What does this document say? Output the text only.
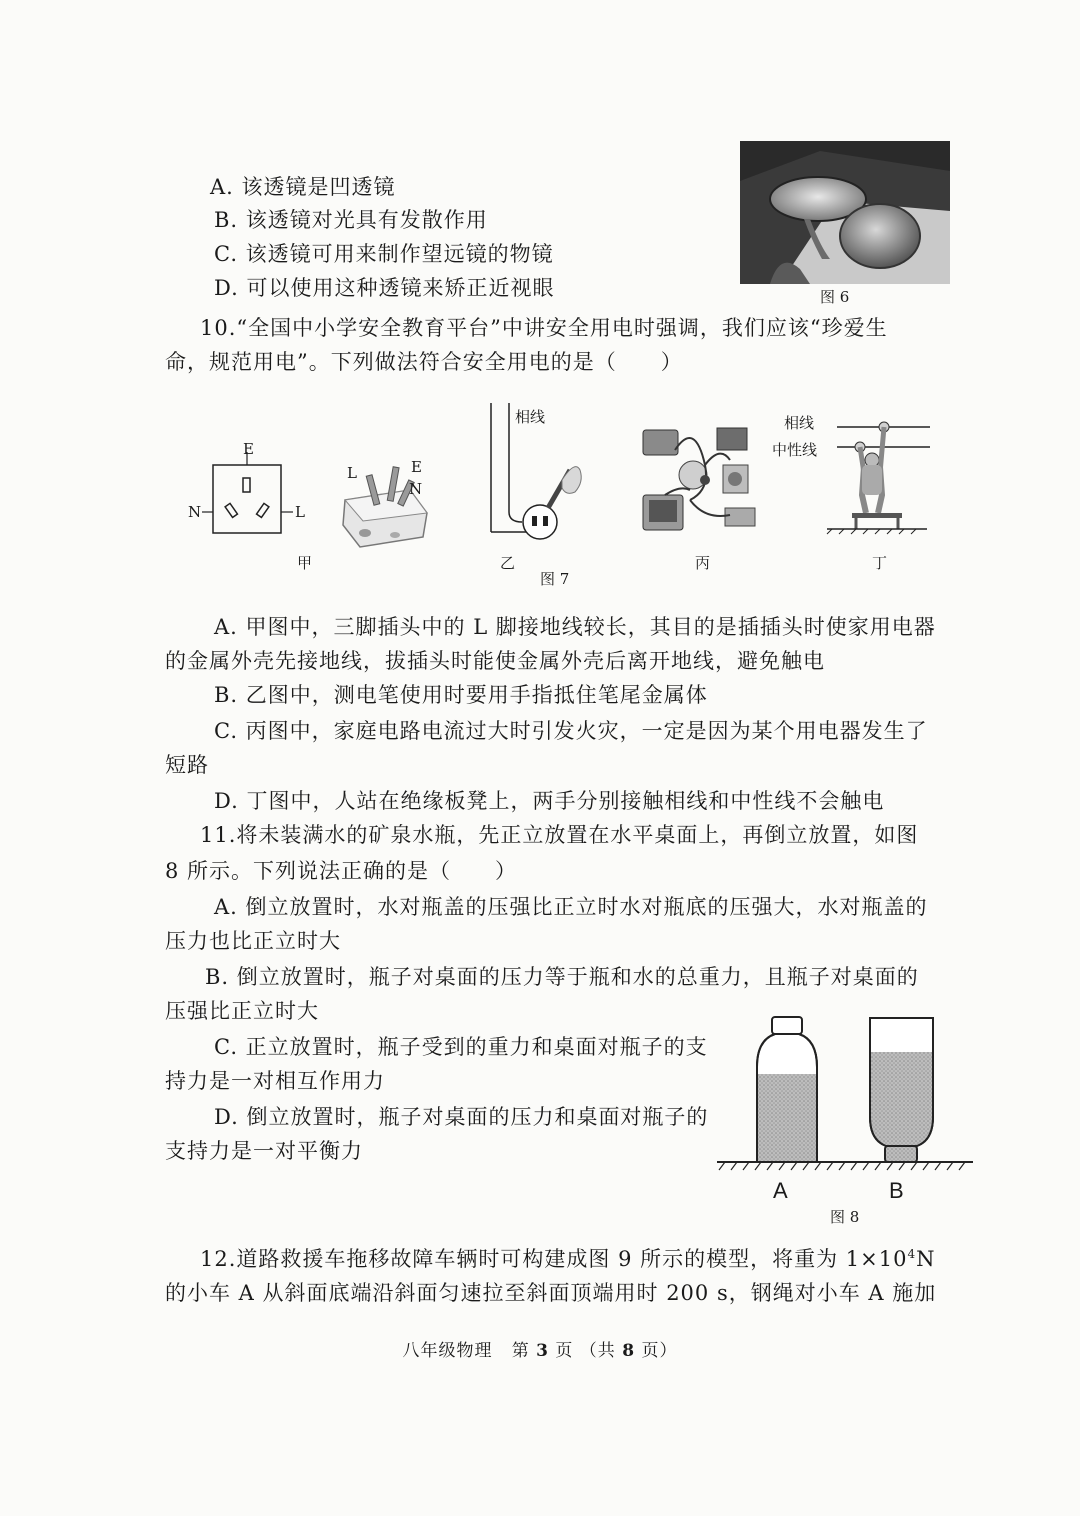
A. 该透镜是凹透镜
B. 该透镜对光具有发散作用
C. 该透镜可用来制作望远镜的物镜
D. 可以使用这种透镜来矫正近视眼	图 6
10.“全国中小学安全教育平台”中讲安全用电时强调，我们应该“珍爱生
命，规范用电”。下列做法符合安全用电的是（　　）
E
N	L
L	E
N
相线	相线
中性线
甲	乙	丙	丁
图 7
A. 甲图中，三脚插头中的 L 脚接地线较长，其目的是插插头时使家用电器
的金属外壳先接地线，拔插头时能使金属外壳后离开地线，避免触电
B. 乙图中，测电笔使用时要用手指抵住笔尾金属体
C. 丙图中，家庭电路电流过大时引发火灾，一定是因为某个用电器发生了
短路
D. 丁图中，人站在绝缘板凳上，两手分别接触相线和中性线不会触电
11.将未装满水的矿泉水瓶，先正立放置在水平桌面上，再倒立放置，如图
8 所示。下列说法正确的是（　　）
A. 倒立放置时，水对瓶盖的压强比正立时水对瓶底的压强大，水对瓶盖的
压力也比正立时大
B. 倒立放置时，瓶子对桌面的压力等于瓶和水的总重力，且瓶子对桌面的
压强比正立时大
C. 正立放置时，瓶子受到的重力和桌面对瓶子的支
持力是一对相互作用力
D. 倒立放置时，瓶子对桌面的压力和桌面对瓶子的
支持力是一对平衡力
A	B
图 8
12.道路救援车拖移故障车辆时可构建成图 9 所示的模型，将重为 $1\times 10^4N$
的小车 A 从斜面底端沿斜面匀速拉至斜面顶端用时 200 s，钢绳对小车 A 施加
八年级物理 第 3 页 （共 8 页）
